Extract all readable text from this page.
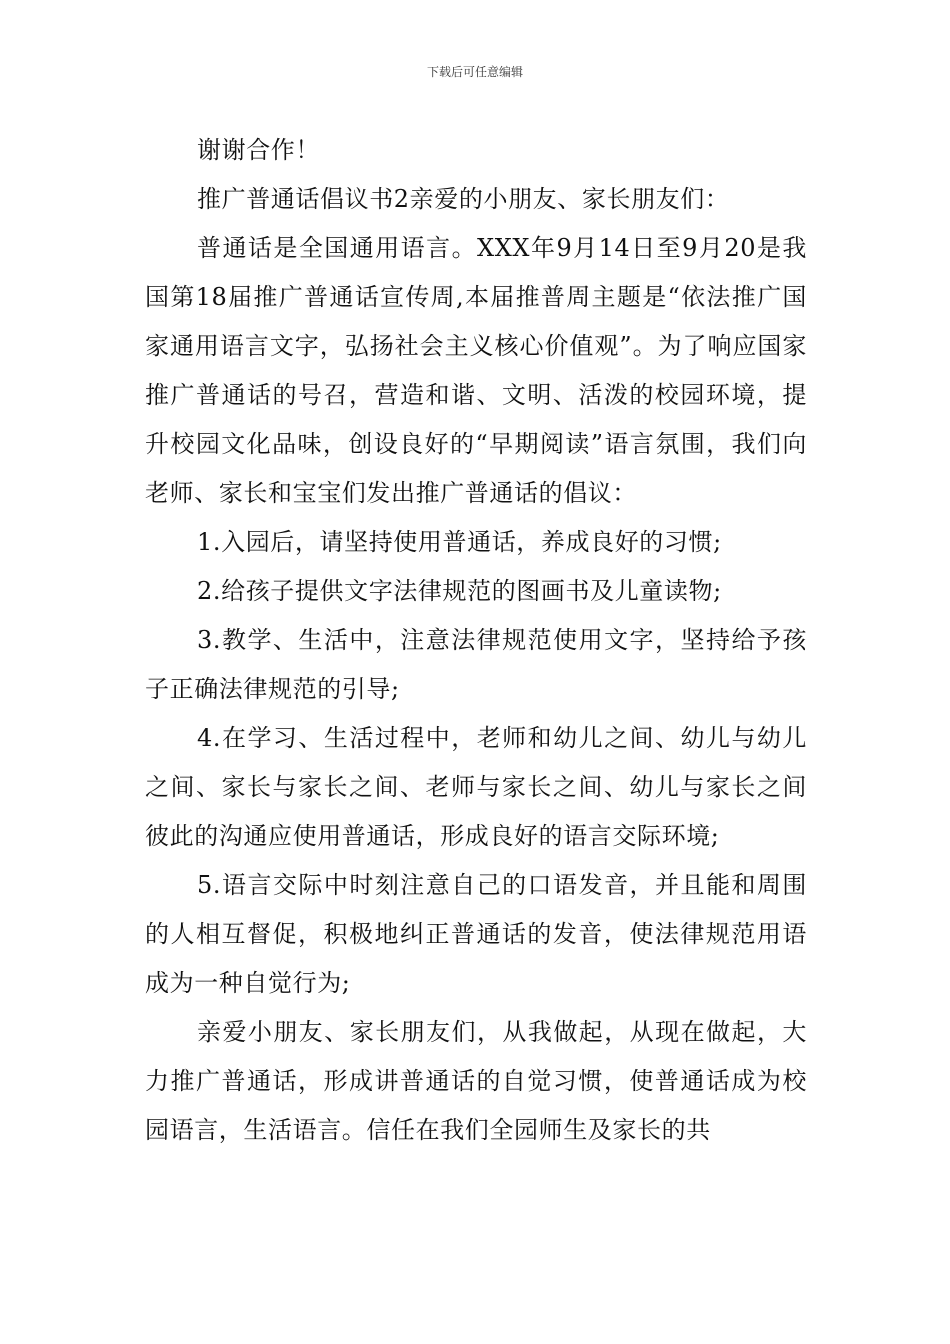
下载后可任意编辑

谢谢合作！

推广普通话倡议书2亲爱的小朋友、家长朋友们：

普通话是全国通用语言。XXX年9月14日至9月20是我国第18届推广普通话宣传周,本届推普周主题是“依法推广国家通用语言文字，弘扬社会主义核心价值观”。为了响应国家推广普通话的号召，营造和谐、文明、活泼的校园环境，提升校园文化品味，创设良好的“早期阅读”语言氛围，我们向老师、家长和宝宝们发出推广普通话的倡议：

1.入园后，请坚持使用普通话，养成良好的习惯;

2.给孩子提供文字法律规范的图画书及儿童读物;

3.教学、生活中，注意法律规范使用文字，坚持给予孩子正确法律规范的引导;

4.在学习、生活过程中，老师和幼儿之间、幼儿与幼儿之间、家长与家长之间、老师与家长之间、幼儿与家长之间彼此的沟通应使用普通话，形成良好的语言交际环境;

5.语言交际中时刻注意自己的口语发音，并且能和周围的人相互督促，积极地纠正普通话的发音，使法律规范用语成为一种自觉行为;

亲爱小朋友、家长朋友们，从我做起，从现在做起，大力推广普通话，形成讲普通话的自觉习惯，使普通话成为校园语言，生活语言。信任在我们全园师生及家长的共
